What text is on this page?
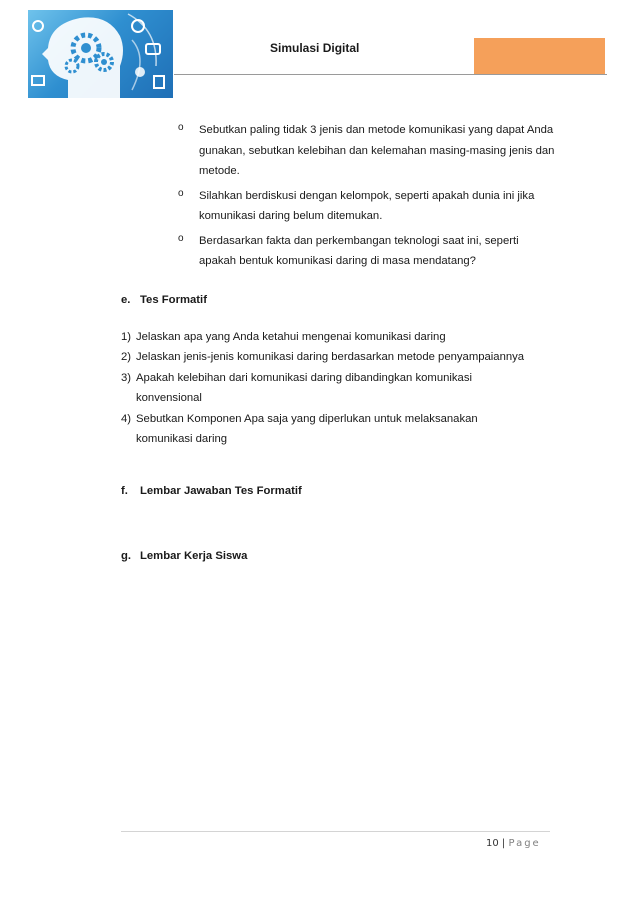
Simulasi Digital
o Sebutkan paling tidak 3 jenis dan metode komunikasi yang dapat Anda gunakan, sebutkan kelebihan dan kelemahan masing-masing jenis dan metode.
o Silahkan berdiskusi dengan kelompok, seperti apakah dunia ini jika komunikasi daring belum ditemukan.
o Berdasarkan fakta dan perkembangan teknologi saat ini, seperti apakah bentuk komunikasi daring di masa mendatang?
e. Tes Formatif
1) Jelaskan apa yang Anda ketahui mengenai komunikasi daring
2) Jelaskan jenis-jenis komunikasi daring berdasarkan metode penyampaiannya
3) Apakah kelebihan dari komunikasi daring dibandingkan komunikasi konvensional
4) Sebutkan Komponen Apa saja yang diperlukan untuk melaksanakan komunikasi daring
f. Lembar Jawaban Tes Formatif
g. Lembar Kerja Siswa
10 | Page
